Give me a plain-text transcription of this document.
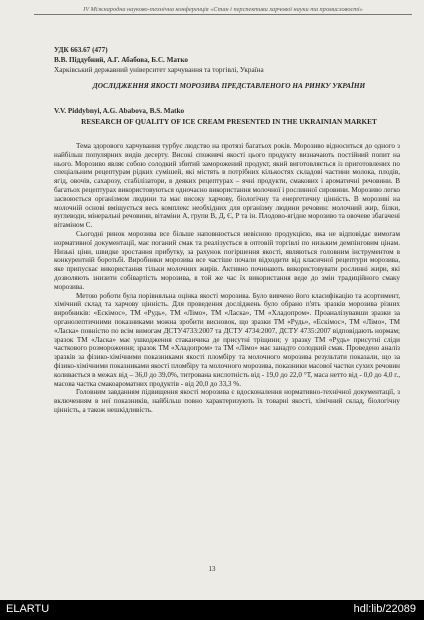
IV Міжнародна науково-технічна конференція «Стан і перспективи харчової науки та промисловості»
УДК 663.67 (477)
В.В. Піддубний, А.Г. Абабова, Б.С. Матко
Харківський державний університет харчування та торгівлі, Україна
ДОСЛІДЖЕННЯ ЯКОСТІ МОРОЗИВА ПРЕДСТАВЛЕНОГО НА РИНКУ УКРАЇНИ
V.V. Piddybnyi, A.G. Ababova, B.S. Matko
RESEARCH OF QUALITY OF ICE CREAM PRESENTED IN THE UKRAINIAN MARKET

Тема здорового харчування турбує людство на протязі багатьох років. Морозиво відноситься до одного з найбільш популярних видів десерту. Високі споживчі якості цього продукту визначають постійний попит на нього. Морозиво являє собою солодкий збитий заморожений продукт, який виготовляється із приготовлених по спеціальним рецептурам рідких сумішей, які містять в потрібних кількостях складові частини молока, плодів, ягід, овочів, сахарозу, стабілізатори, в деяких рецептурах – ячні продукти, смакових і ароматичні речовини. В багатьох рецептурах використовуються одночасно використання молочної і рослинної сировини. Морозиво легко засвоюється організмом людини та має високу харчову, біологічну та енергетичну цінність. В морозиві на молочній основі вміщується весь комплекс необхідних для організму людини речовин: молочний жир, білки, вуглеводи, мінеральні речовини, вітаміни А, групи В, Д, Є, Р та ін. Плодово-ягідне морозиво та овочеве збагачені вітаміном С.

Сьогодні ринок морозива все більше наповнюється невісною продукцією, яка не відповідає вимогам нормативної документації, має поганий смак та реалізується в оптовій торгівлі по низьким демпінговим цінам. Низькі ціни, швидке зростання прибутку, за рахунок погіршення якості, являються головним інструментом в конкурентній боротьбі. Виробники морозива все частіше почали відходити від класичної рецептури морозива, яке припускає використання тільки молочних жирів. Активно починають використовувати рослинні жири, які дозволяють знизити собівартість морозива, в той же час їх використання веде до змін традиційного смаку морозива.

Метою роботи була порівняльна оцінка якості морозива. Було вивчено його класифікацію та асортимент, хімічний склад та харчову цінність. Для проведення досліджень було обрано п'ять зразків морозива різних виробників: «Ескімос», ТМ «Рудь», ТМ «Лімо», ТМ «Ласка», ТМ «Хладопром». Проаналізувавши зразки за органолептичними показниками можна зробити висновок, що зразки ТМ «Рудь», «Ескімос», ТМ «Лімо», ТМ «Ласка» повністю по всім вимогам ДСТУ4733:2007 та ДСТУ 4734:2007, ДСТУ 4735:2007 відповідають нормам; зразок ТМ «Ласка» має ушкодження стаканчика де присутні тріщини; у зразку ТМ «Рудь» присутні сліди часткового розмороження; зразок ТМ «Хладопром» та ТМ «Лімо» має занадто солодкий смак. Проведено аналіз зразків за фізико-хімічними показниками якості пломбіру та молочного морозива результати показали, що за фізико-хімічними показниками якості пломбіру та молочного морозива, показники масової частки сухих речовин коливається в межах від – 36,0 до 39,0%, титрована кислотність від - 19,0 до 22,0 °Т, маса нетто від - 0,0 до 4,0 г., масова частка смакоароматних продуктів - від 20,0 до 33,3 %.

Головним завданням підвищення якості морозива є вдосконалення нормативно-технічної документації, з включенням в неї показників, найбільш повно характеризують їх товарні якості, хімічний склад, біологічну цінність, а також нешкідливість.

13
ELARTU	hdl:lib/22089
